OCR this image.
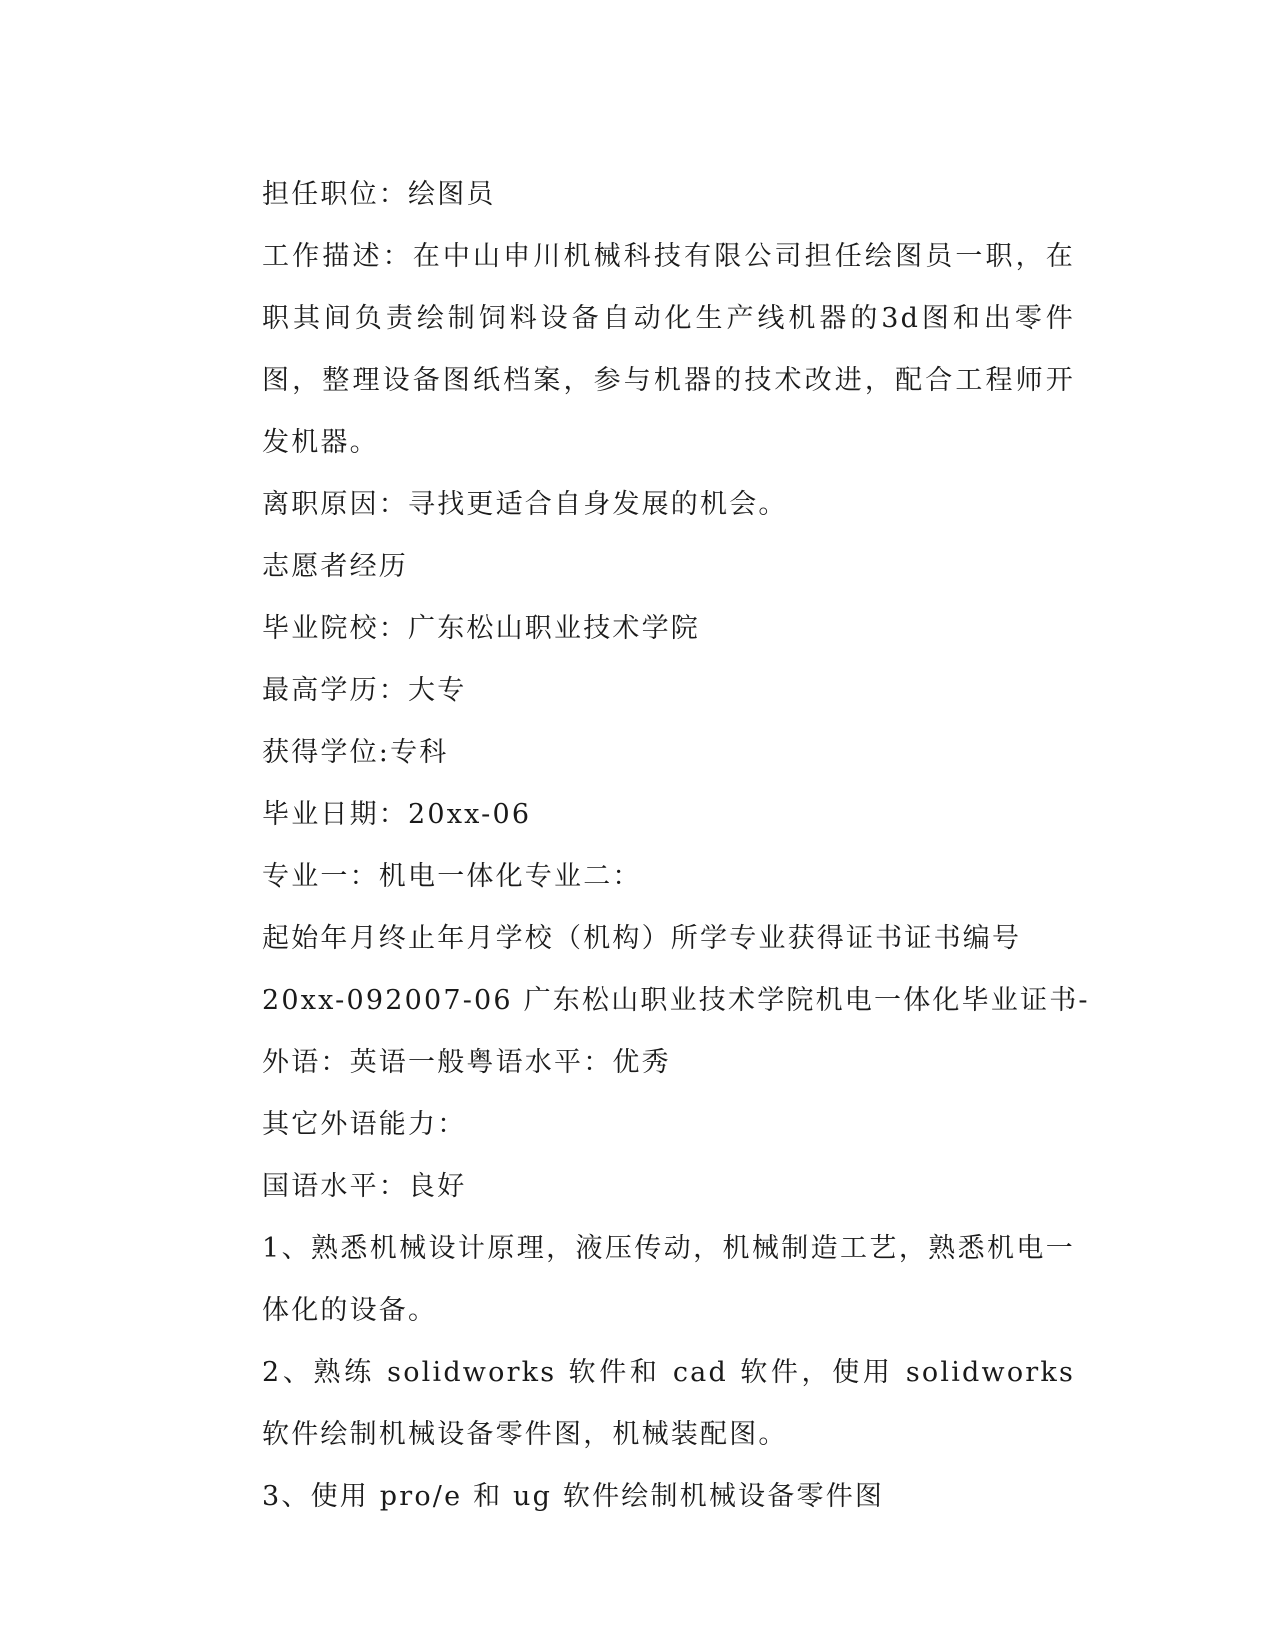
担任职位：绘图员

工作描述：在中山申川机械科技有限公司担任绘图员一职，在职其间负责绘制饲料设备自动化生产线机器的3d图和出零件图，整理设备图纸档案，参与机器的技术改进，配合工程师开发机器。

离职原因：寻找更适合自身发展的机会。

志愿者经历

毕业院校：广东松山职业技术学院

最高学历：大专

获得学位:专科

毕业日期：20xx-06

专业一：机电一体化专业二：

起始年月终止年月学校（机构）所学专业获得证书证书编号

20xx-092007-06 广东松山职业技术学院机电一体化毕业证书-

外语：英语一般粤语水平：优秀

其它外语能力：

国语水平：良好

1、熟悉机械设计原理，液压传动，机械制造工艺，熟悉机电一体化的设备。

2、熟练 solidworks 软件和 cad 软件，使用 solidworks 软件绘制机械设备零件图，机械装配图。

3、使用 pro/e 和 ug 软件绘制机械设备零件图
